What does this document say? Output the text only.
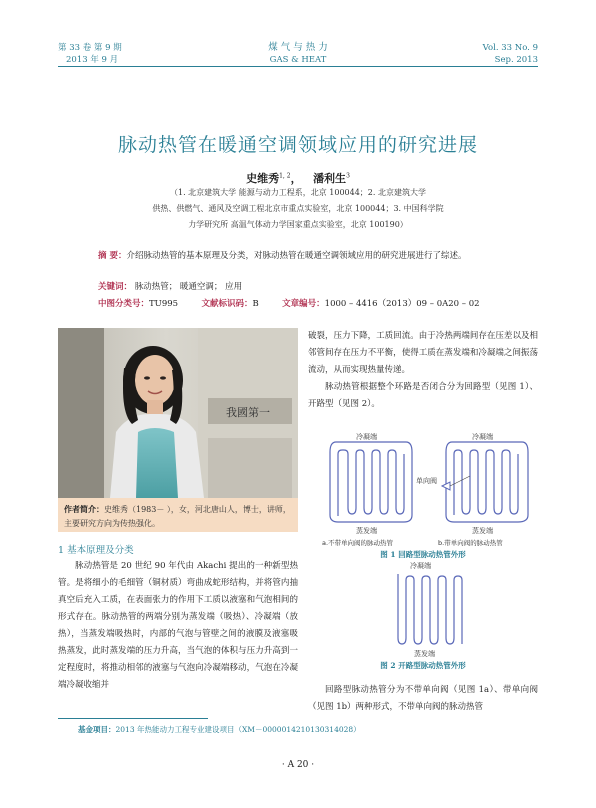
第 33 卷 第 9 期
2013 年 9 月
煤 气 与 热 力
GAS & HEAT
Vol. 33 No. 9
Sep. 2013
脉动热管在暖通空调领域应用的研究进展
史维秀$^{1, 2}$， 潘利生$^3$
（1. 北京建筑大学 能源与动力工程系，北京 100044；2. 北京建筑大学
供热、供燃气、通风及空调工程北京市重点实验室，北京 100044；3. 中国科学院
力学研究所 高温气体动力学国家重点实验室，北京 100190）
摘 要：介绍脉动热管的基本原理及分类，对脉动热管在暖通空调领域应用的研究进展进行了综述。
关键词： 脉动热管； 暖通空调； 应用
中图分类号：TU995	文献标识码：B	文章编号：1000 – 4416（2013）09 – 0A20 – 02
我國第一
作者简介：史维秀（1983－ ），女，河北唐山人，博士，讲师，主要研究方向为传热强化。
1 基本原理及分类
脉动热管是 20 世纪 90 年代由 Akachi 提出的一种新型热管。是将细小的毛细管（铜材质）弯曲成蛇形结构，并将管内抽真空后充入工质，在表面张力的作用下工质以液塞和气泡相间的形式存在。脉动热管的两端分别为蒸发端（吸热）、冷凝端（放热），当蒸发端吸热时，内部的气泡与管壁之间的液膜及液塞吸热蒸发，此时蒸发端的压力升高，当气泡的体积与压力升高到一定程度时，将推动相邻的液塞与气泡向冷凝端移动，气泡在冷凝端冷凝收缩并
破裂，压力下降，工质回流。由于冷热两端间存在压差以及相邻管间存在压力不平衡，使得工质在蒸发端和冷凝端之间振荡流动，从而实现热量传递。
脉动热管根据整个环路是否闭合分为回路型（见图 1）、开路型（见图 2）。
冷凝端	冷凝端
单向阀
蒸发端	蒸发端
a.不带单向阀的脉动热管	b.带单向阀的脉动热管
图 1 回路型脉动热管外形
冷凝端
蒸发端
图 2 开路型脉动热管外形
回路型脉动热管分为不带单向阀（见图 1a）、带单向阀（见图 1b）两种形式，不带单向阀的脉动热管
基金项目：2013 年热能动力工程专业建设项目（XM－0000014210130314028）
· A 20 ·
